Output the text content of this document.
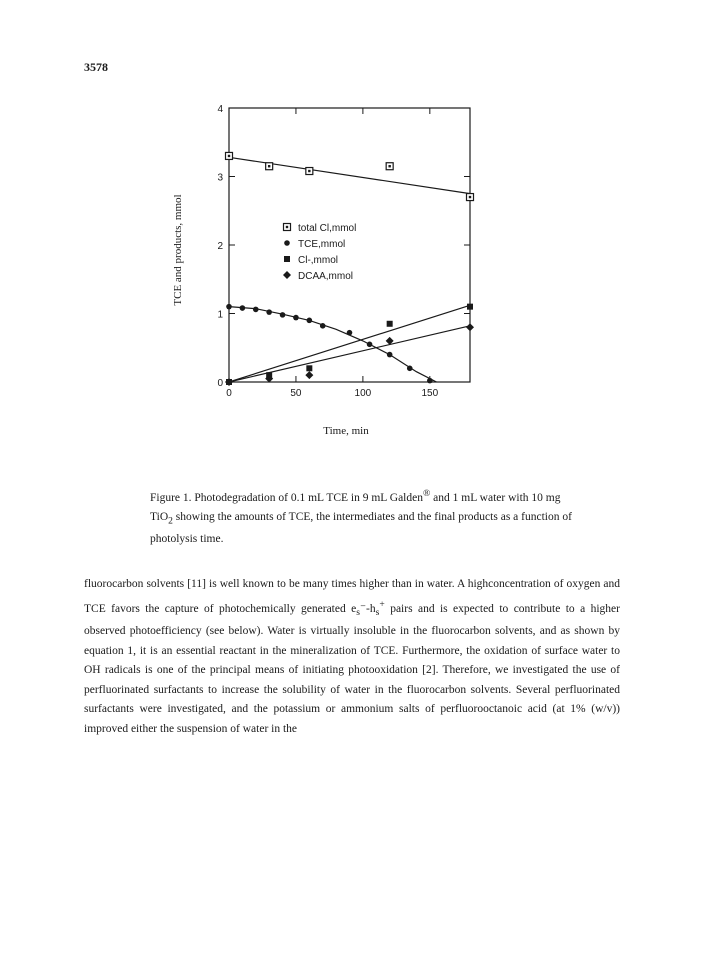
3578
0	50	100	150
0
1
2
3
4
total Cl,mmol
TCE,mmol
Cl-,mmol
DCAA,mmol
Time, min
TCE and products, mmol
Figure 1. Photodegradation of 0.1 mL TCE in 9 mL Galden® and 1 mL water with 10 mg TiO$_2$ showing the amounts of TCE, the intermediates and the final products as a function of photolysis time.

fluorocarbon solvents [11] is well known to be many times higher than in water. A highconcentration of oxygen and TCE favors the capture of photochemically generated $e_s^--h_s^+$ pairs and is expected to contribute to a higher observed photoefficiency (see below). Water is virtually insoluble in the fluorocarbon solvents, and as shown by equation 1, it is an essential reactant in the mineralization of TCE. Furthermore, the oxidation of surface water to OH radicals is one of the principal means of initiating photooxidation [2]. Therefore, we investigated the use of perfluorinated surfactants to increase the solubility of water in the fluorocarbon solvents. Several perfluorinated surfactants were investigated, and the potassium or ammonium salts of perfluorooctanoic acid (at 1% (w/v)) improved either the suspension of water in the
